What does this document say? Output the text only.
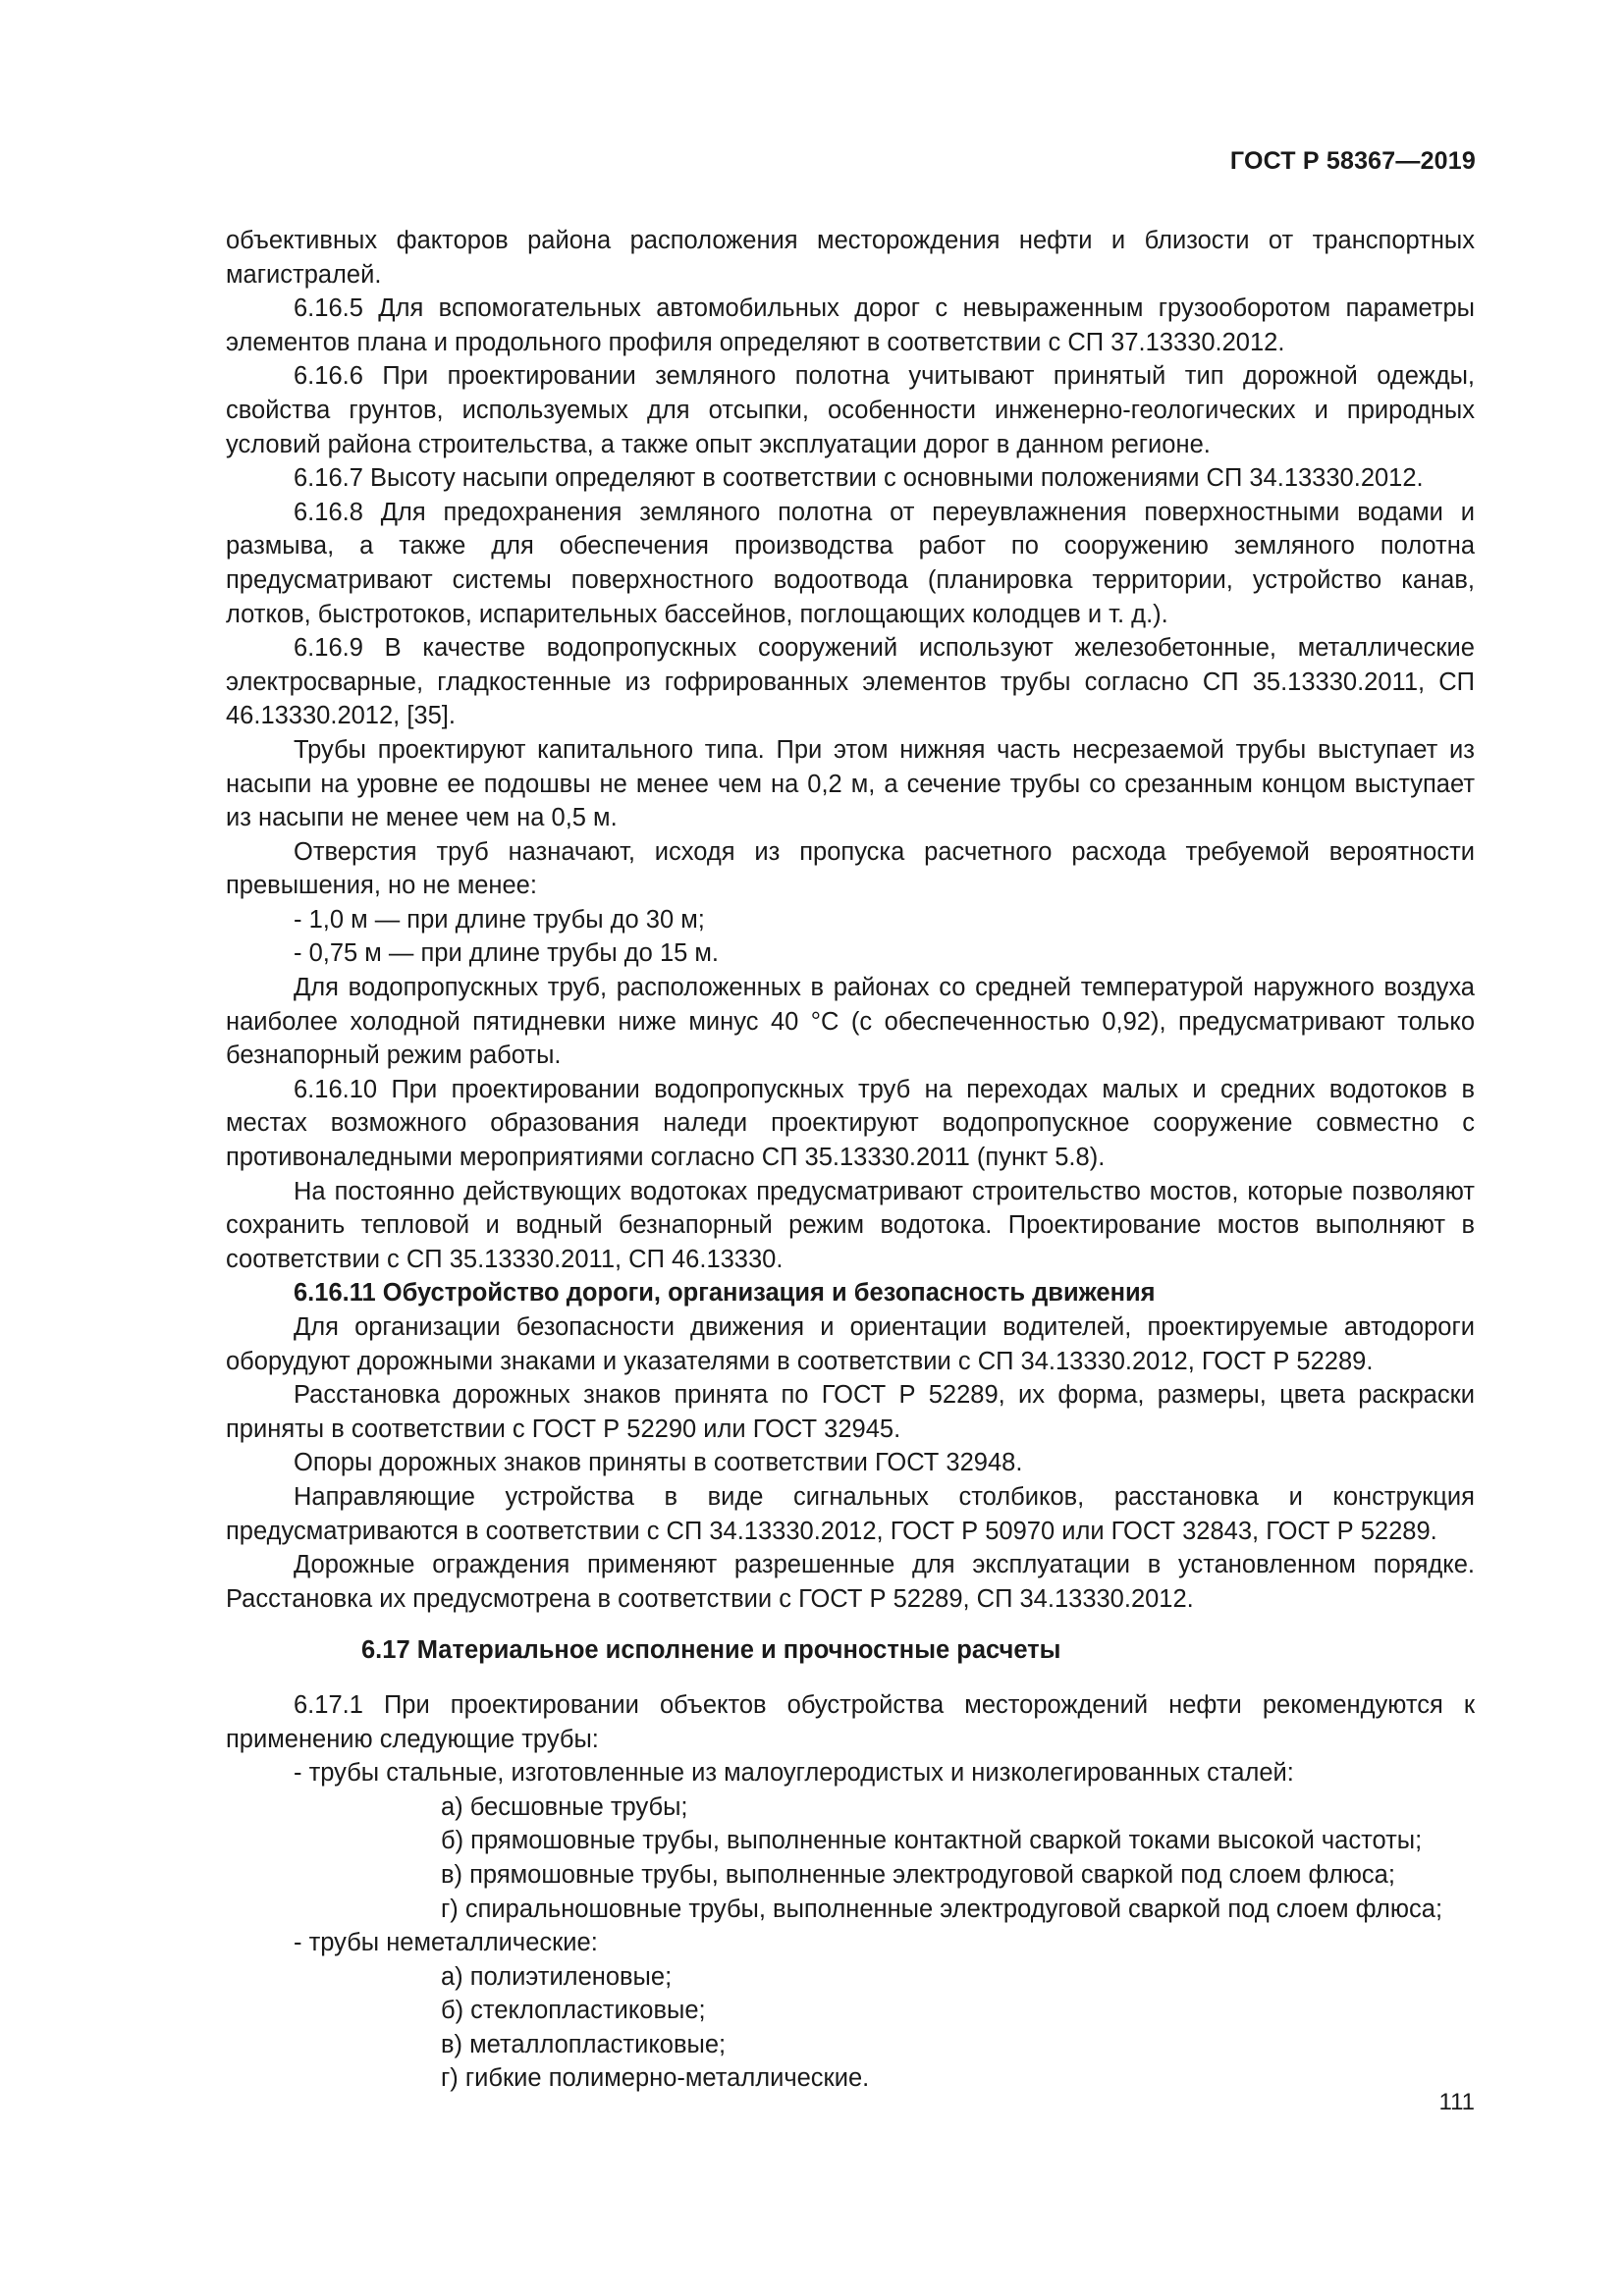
ГОСТ Р 58367—2019

объективных факторов района расположения месторождения нефти и близости от транспортных магистралей.

6.16.5 Для вспомогательных автомобильных дорог с невыраженным грузооборотом параметры элементов плана и продольного профиля определяют в соответствии с СП 37.13330.2012.

6.16.6 При проектировании земляного полотна учитывают принятый тип дорожной одежды, свойства грунтов, используемых для отсыпки, особенности инженерно-геологических и природных условий района строительства, а также опыт эксплуатации дорог в данном регионе.

6.16.7 Высоту насыпи определяют в соответствии с основными положениями СП 34.13330.2012.

6.16.8 Для предохранения земляного полотна от переувлажнения поверхностными водами и размыва, а также для обеспечения производства работ по сооружению земляного полотна предусматривают системы поверхностного водоотвода (планировка территории, устройство канав, лотков, быстротоков, испарительных бассейнов, поглощающих колодцев и т. д.).

6.16.9 В качестве водопропускных сооружений используют железобетонные, металлические электросварные, гладкостенные из гофрированных элементов трубы согласно СП 35.13330.2011, СП 46.13330.2012, [35].

Трубы проектируют капитального типа. При этом нижняя часть несрезаемой трубы выступает из насыпи на уровне ее подошвы не менее чем на 0,2 м, а сечение трубы со срезанным концом выступает из насыпи не менее чем на 0,5 м.

Отверстия труб назначают, исходя из пропуска расчетного расхода требуемой вероятности превышения, но не менее:

- 1,0 м — при длине трубы до 30 м;

- 0,75 м — при длине трубы до 15 м.

Для водопропускных труб, расположенных в районах со средней температурой наружного воздуха наиболее холодной пятидневки ниже минус 40 °С (с обеспеченностью 0,92), предусматривают только безнапорный режим работы.

6.16.10 При проектировании водопропускных труб на переходах малых и средних водотоков в местах возможного образования наледи проектируют водопропускное сооружение совместно с противоналедными мероприятиями согласно СП 35.13330.2011 (пункт 5.8).

На постоянно действующих водотоках предусматривают строительство мостов, которые позволяют сохранить тепловой и водный безнапорный режим водотока. Проектирование мостов выполняют в соответствии с СП 35.13330.2011, СП 46.13330.

6.16.11 Обустройство дороги, организация и безопасность движения

Для организации безопасности движения и ориентации водителей, проектируемые автодороги оборудуют дорожными знаками и указателями в соответствии с СП 34.13330.2012, ГОСТ Р 52289.

Расстановка дорожных знаков принята по ГОСТ Р 52289, их форма, размеры, цвета раскраски приняты в соответствии с ГОСТ Р 52290 или ГОСТ 32945.

Опоры дорожных знаков приняты в соответствии ГОСТ 32948.

Направляющие устройства в виде сигнальных столбиков, расстановка и конструкция предусматриваются в соответствии с СП 34.13330.2012, ГОСТ Р 50970 или ГОСТ 32843, ГОСТ Р 52289.

Дорожные ограждения применяют разрешенные для эксплуатации в установленном порядке. Расстановка их предусмотрена в соответствии с ГОСТ Р 52289, СП 34.13330.2012.

6.17 Материальное исполнение и прочностные расчеты

6.17.1 При проектировании объектов обустройства месторождений нефти рекомендуются к применению следующие трубы:

- трубы стальные, изготовленные из малоуглеродистых и низколегированных сталей:

а) бесшовные трубы;

б) прямошовные трубы, выполненные контактной сваркой токами высокой частоты;

в) прямошовные трубы, выполненные электродуговой сваркой под слоем флюса;

г) спиральношовные трубы, выполненные электродуговой сваркой под слоем флюса;

- трубы неметаллические:

а) полиэтиленовые;

б) стеклопластиковые;

в) металлопластиковые;

г) гибкие полимерно-металлические.

111
